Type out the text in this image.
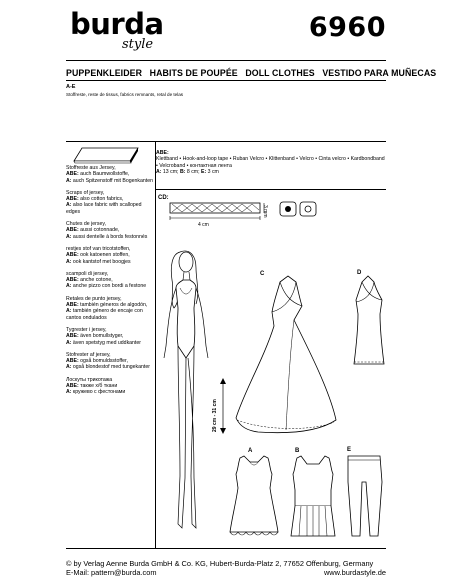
burda
style
6960
PUPPENKLEIDER HABITS DE POUPÉE DOLL CLOTHES VESTIDO PARA MUÑECAS
A-E
Stoffreste, reste de tissus, fabrics remnants, retal de telas
Stoffreste aus Jersey,
ABE: auch Baumwollstoffe,
A: auch Spitzenstoff mit Bogenkanten
Scraps of jersey,
ABE: also cotton fabrics,
A: also lace fabric with scalloped edges
Chutes de jersey,
ABE: aussi cotonnade,
A: aussi dentelle à bords festonnés
restjes stof van tricotstoffen,
ABE: ook katoenen stoffen,
A: ook kantstof met boogjes
scampoli di jersey,
ABE: anche cotone,
A: anche pizzo con bordi a festone
Retales de punto jersey,
ABE: también géneros de algodón,
A: también género de encaje con cantos ondulados
Tygrester i jersey,
ABE: även bomullstyger,
A: även spetstyg med uddkanter
Stofrester af jersey,
ABE: også bomuldsstoffer,
A: også blondestof med tungekanter
Лоскуты трикотажа
ABE: также х/б ткани
A: кружево с фестонами
ABE:
Klettband • Hook-and-loop tape • Ruban Velcro • Klittenband • Velcro • Cinta velcro • Kardbondband • Velcroband • контактная лента
A: 13 cm; B: 8 cm; E: 3 cm
CD:
4 cm
3 mm
29 cm - 31 cm
C	D
A	B	E
© by Verlag Aenne Burda GmbH & Co. KG, Hubert-Burda-Platz 2, 77652 Offenburg, Germany
E-Mail: pattern@burda.com	www.burdastyle.de
